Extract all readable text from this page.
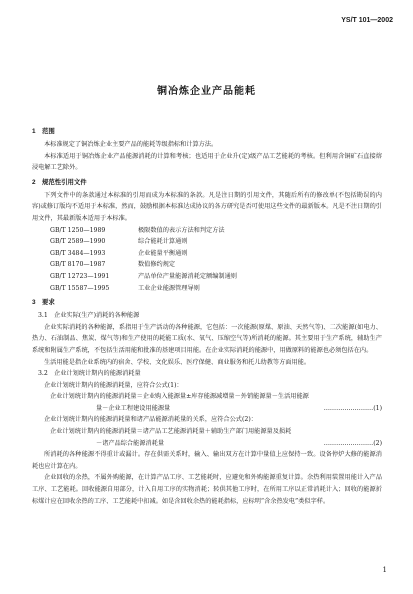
YS/T 101—2002
铜冶炼企业产品能耗
1　范围

本标准规定了铜冶炼企业主要产品的能耗等级指标和计算方法。

本标准适用于铜冶炼企业产品能源消耗的计算和考核；也适用于企业升(定)级产品工艺能耗的考核。但利用含铜矿石直接熔浸电解工艺除外。

2　规范性引用文件

下列文件中的条款通过本标准的引用而成为本标准的条款。凡是注日期的引用文件，其随后所有的修改单(不包括勘误的内容)或修订版均不适用于本标准，然而，鼓励根据本标准达成协议的各方研究是否可使用这些文件的最新版本。凡是不注日期的引用文件，其最新版本适用于本标准。

GB/T 1250—1989	极限数值的表示方法和判定方法
GB/T 2589—1990	综合能耗计算通则
GB/T 3484—1993	企业能量平衡通则
GB/T 8170—1987	数值修约规定
GB/T 12723—1991	产品单位产量能源消耗定额编制通则
GB/T 15587—1995	工业企业能源管理导则
3　要求
3.1　企业实际(生产)消耗的各种能源

企业实际消耗的各种能源，系指用于生产活动的各种能源，它包括：一次能源(原煤、原油、天然气等)、二次能源(如电力、热力、石油制品、焦炭、煤气等)和生产使用的耗能工质(水、氧气、压缩空气等)所消耗的能源。其主要用于生产系统，辅助生产系统和附属生产系统，不包括生活用能和批准的基建项目用能。在企业实际消耗的能源中，用做原料的能源也必须包括在内。

生活用能是指企业系统内的宿舍、学校、文化娱乐、医疗保健、商业服务和托儿幼教等方面用能。

3.2　企业计划统计期内的能源消耗量

企业计划统计期内的能源消耗量，应符合公式(1)：

企业计划统计期内的能源消耗量＝企业购入能源量±库存能源减增量－外销能源量－生活用能源
量－企业工程建设用能源量	……………………(1)

企业计划统计期内的能源消耗量和诸产品能源消耗量的关系，应符合公式(2)：

企业计划统计期内的能源消耗量＝诸产品工艺能源消耗量＋辅助生产部门用能源量及损耗
－诸产品综合能源消耗量	……………………(2)

所消耗的各种能源不得重计或漏计。存在供需关系时，输入、输出双方在计算中量值上应保持一致。设备停炉大修的能源消耗也应计算在内。

企业回收的余热，不属外购能源，在计算产品工序、工艺能耗时，应避免和外购能源重复计算。余热利用装置用能计入产品工序、工艺能耗。回收能源自用部分，计入自用工序的实物消耗；转供其他工序时，在所用工序以正常消耗计入；回收的能源折标煤计应在回收余热的工序、工艺能耗中扣减。如是含回收余热的能耗指标，应标明“含余热发电”类似字样。

1
